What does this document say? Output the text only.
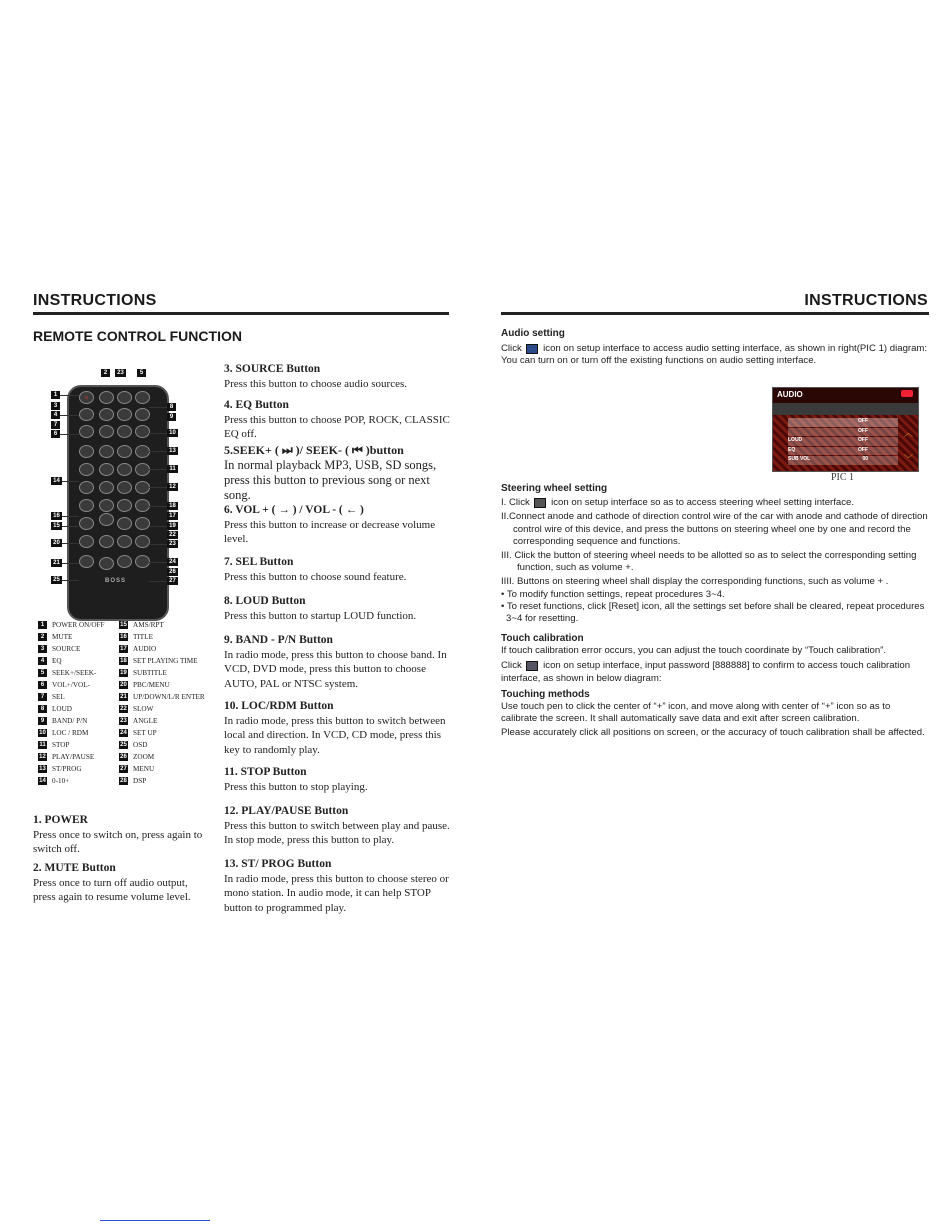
INSTRUCTIONS
REMOTE CONTROL FUNCTION
2	23	5
⏻
BOSS
1
3
4
7
6
14
16
15
20
21
25
8
9
10
13
11
12
18
17
19
22
23
24
26
27
1	POWER ON/OFF
2	MUTE
3	SOURCE
4	EQ
5	SEEK+/SEEK-
6	VOL+/VOL-
7	SEL
8	LOUD
9	BAND/ P/N
10 LOC / RDM
11 STOP
12 PLAY/PAUSE
13 ST/PROG
14 0-10+
15 AMS/RPT
16 TITLE
17 AUDIO
18 SET PLAYING TIME
19 SUBTITLE
20 PBC/MENU
21 UP/DOWN/L/R ENTER
22 SLOW
23 ANGLE
24 SET UP
25 OSD
26 ZOOM
27 MENU
28 DSP
1. POWER
Press once to switch on, press again to switch off.
2. MUTE Button
Press once to turn off audio output, press again to resume volume level.
3. SOURCE Button
Press this button to choose audio sources.
4. EQ Button
Press this button to choose POP, ROCK, CLASSIC EQ off.
5.SEEK+ ( ⏭ )/ SEEK- ( ⏮ )button
In normal playback MP3, USB, SD songs, press this button to previous song or next song.
6. VOL + ( → ) / VOL - ( ← )
Press this button to increase or decrease volume level.
7. SEL Button
Press this button to choose sound feature.
8. LOUD Button
Press this button to startup LOUD function.
9. BAND - P/N Button
In radio mode, press this button to choose band. In VCD, DVD mode, press this button to choose AUTO, PAL or NTSC system.
10. LOC/RDM Button
In radio mode, press this button to switch between local and direction. In VCD, CD mode, press this key to randomly play.
11. STOP Button
Press this button to stop playing.
12. PLAY/PAUSE Button
Press this button to switch between play and pause. In stop mode, press this button to play.
13. ST/ PROG Button
In radio mode, press this button to choose stereo or mono station. In audio mode, it can help STOP button to programmed play.
INSTRUCTIONS
Audio setting
Click icon on setup interface to access audio setting interface, as shown in right(PIC 1) diagram:
You can turn on or turn off the existing functions on audio setting interface.
AUDIO
OFF
OFF
LOUD	OFF
EQ	OFF
SUB VOL	00
︿
﹀
PIC 1
Steering wheel setting
I. Click icon on setup interface so as to access steering wheel setting interface.
II.Connect anode and cathode of direction control wire of the car with anode and cathode of direction control wire of this device, and press the buttons on steering wheel one by one and record the corresponding sequence and functions.
III. Click the button of steering wheel needs to be allotted so as to select the corresponding setting function, such as volume +.
IIII. Buttons on steering wheel shall display the corresponding functions, such as volume + .
• To modify function settings, repeat procedures 3~4.
• To reset functions, click [Reset] icon, all the settings set before shall be cleared, repeat procedures 3~4 for resetting.
Touch calibration
If touch calibration error occurs, you can adjust the touch coordinate by “Touch calibration”.
Click icon on setup interface, input password [888888] to confirm to access touch calibration interface, as shown in below diagram:
Touching methods
Use touch pen to click the center of “+” icon, and move along with center of “+” icon so as to calibrate the screen. It shall automatically save data and exit after screen calibration.
Please accurately click all positions on screen, or the accuracy of touch calibration shall be affected.
